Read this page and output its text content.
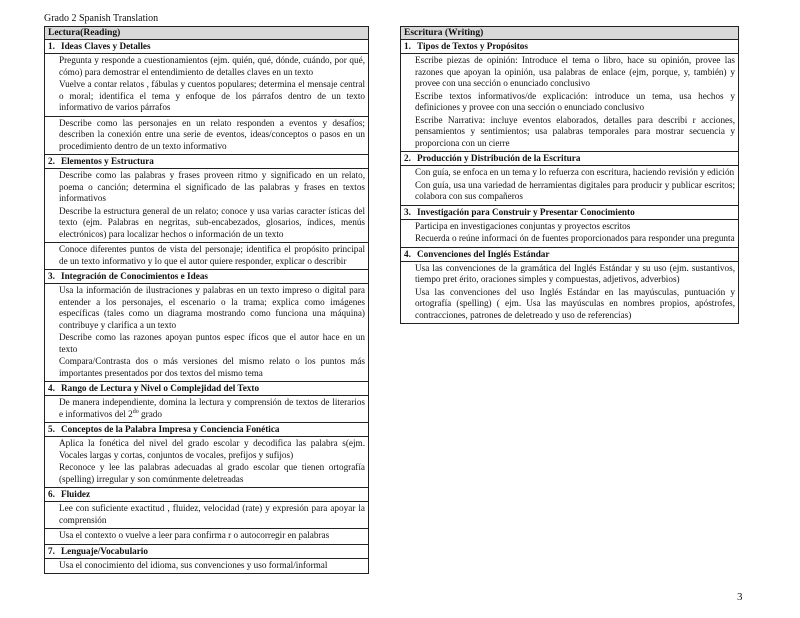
Grado 2 Spanish Translation
Lectura(Reading)
1. Ideas Claves y Detalles
Pregunta y responde a cuestionamientos (ejm. quién, qué, dónde, cuándo, por qué, cómo) para demostrar el entendimiento de detalles claves en un texto
Vuelve a contar relatos , fábulas y cuentos populares; determina el mensaje central o moral; identifica el tema y enfoque de los párrafos dentro de un texto informativo de varios párrafos
Describe como las personajes en un relato responden a eventos y desafíos; describen la conexión entre una serie de eventos, ideas/conceptos o pasos en un procedimiento dentro de un texto informativo
2. Elementos y Estructura
Describe como las palabras y frases proveen ritmo y significado en un relato, poema o canción; determina el significado de las palabras y frases en textos informativos
Describe la estructura general de un relato; conoce y usa varias caracter ísticas del texto (ejm. Palabras en negritas, sub-encabezados, glosarios, índices, menús electrónicos) para localizar hechos o información de un texto
Conoce diferentes puntos de vista del personaje; identifica el propósito principal de un texto informativo y lo que el autor quiere responder, explicar o describir
3. Integración de Conocimientos e Ideas
Usa la información de ilustraciones y palabras en un texto impreso o digital para entender a los personajes, el escenario o la trama; explica como imágenes específicas (tales como un diagrama mostrando como funciona una máquina) contribuye y clarifica a un texto
Describe como las razones apoyan puntos espec íficos que el autor hace en un texto
Compara/Contrasta dos o más versiones del mismo relato o los puntos más importantes presentados por dos textos del mismo tema
4. Rango de Lectura y Nivel o Complejidad del Texto
De manera independiente, domina la lectura y comprensión de textos de literarios e informativos del $2^{do}$ grado
5. Conceptos de la Palabra Impresa y Conciencia Fonética
Aplica la fonética del nivel del grado escolar y decodifica las palabra s(ejm. Vocales largas y cortas, conjuntos de vocales, prefijos y sufijos)
Reconoce y lee las palabras adecuadas al grado escolar que tienen ortografía (spelling) irregular y son comúnmente deletreadas
6. Fluidez
Lee con suficiente exactitud , fluidez, velocidad (rate) y expresión para apoyar la comprensión
Usa el contexto o vuelve a leer para confirma r o autocorregir en palabras
7. Lenguaje/Vocabulario
Usa el conocimiento del idioma, sus convenciones y uso formal/informal
Escritura (Writing)
1. Tipos de Textos y Propósitos
Escribe piezas de opinión: Introduce el tema o libro, hace su opinión, provee las razones que apoyan la opinión, usa palabras de enlace (ejm, porque, y, también) y provee con una sección o enunciado conclusivo
Escribe textos informativos/de explicación: introduce un tema, usa hechos y definiciones y provee con una sección o enunciado conclusivo
Escribe Narrativa: incluye eventos elaborados, detalles para describi r acciones, pensamientos y sentimientos; usa palabras temporales para mostrar secuencia y proporciona con un cierre
2. Producción y Distribución de la Escritura
Con guía, se enfoca en un tema y lo refuerza con escritura, haciendo revisión y edición
Con guía, usa una variedad de herramientas digitales para producir y publicar escritos; colabora con sus compañeros
3. Investigación para Construir y Presentar Conocimiento
Participa en investigaciones conjuntas y proyectos escritos
Recuerda o reúne informaci ón de fuentes proporcionados para responder una pregunta
4. Convenciones del Inglés Estándar
Usa las convenciones de la gramática del Inglés Estándar y su uso (ejm. sustantivos, tiempo pret érito, oraciones simples y compuestas, adjetivos, adverbios)
Usa las convenciones del uso Inglés Estándar en las mayúsculas, puntuación y ortografía (spelling) ( ejm. Usa las mayúsculas en nombres propios, apóstrofes, contracciones, patrones de deletreado y uso de referencias)
3
